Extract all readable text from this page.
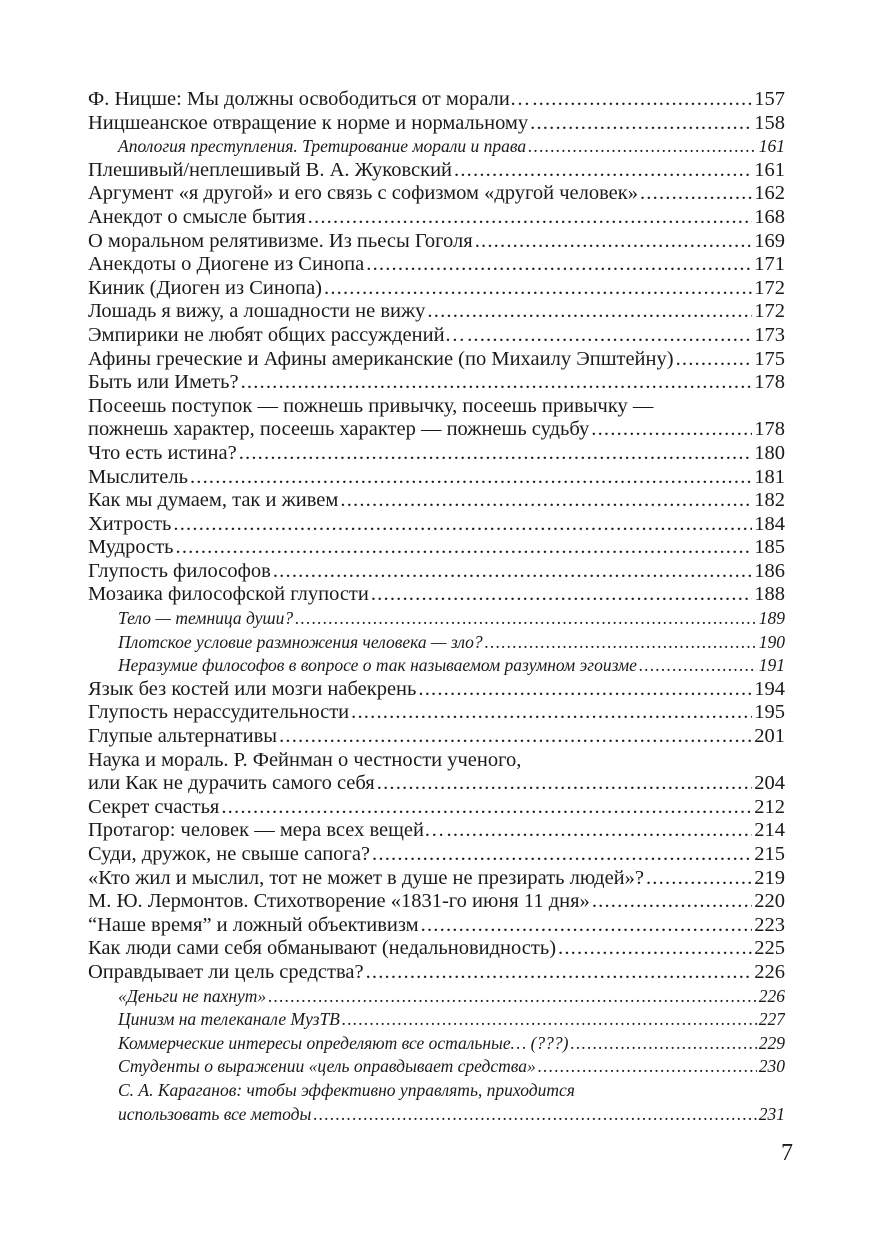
Ф. Ницше: Мы должны освободиться от морали… .....	157
Ницшеанское отвращение к норме и нормальному .....	158
Апология преступления. Третирование морали и права .....	161
Плешивый/неплешивый В. А. Жуковский .....	161
Аргумент «я другой» и его связь с софизмом «другой человек» .....	162
Анекдот о смысле бытия .....	168
О моральном релятивизме. Из пьесы Гоголя .....	169
Анекдоты о Диогене из Синопа .....	171
Киник (Диоген из Синопа) .....	172
Лошадь я вижу, а лошадности не вижу .....	172
Эмпирики не любят общих рассуждений… .....	173
Афины греческие и Афины американские (по Михаилу Эпштейну) .....	175
Быть или Иметь? .....	178
Посеешь поступок — пожнешь привычку, посеешь привычку —
пожнешь характер, посеешь характер — пожнешь судьбу .....	178
Что есть истина? .....	180
Мыслитель .....	181
Как мы думаем, так и живем .....	182
Хитрость .....	184
Мудрость .....	185
Глупость философов .....	186
Мозаика философской глупости .....	188
Тело — темница души? .....	189
Плотское условие размножения человека — зло? .....	190
Неразумие философов в вопросе о так называемом разумном эгоизме .....	191
Язык без костей или мозги набекрень .....	194
Глупость нерассудительности .....	195
Глупые альтернативы .....	201
Наука и мораль. Р. Фейнман о честности ученого,
или Как не дурачить самого себя .....	204
Секрет счастья .....	212
Протагор: человек — мера всех вещей… .....	214
Суди, дружок, не свыше сапога? .....	215
«Кто жил и мыслил, тот не может в душе не презирать людей»? .....	219
М. Ю. Лермонтов. Стихотворение «1831-го июня 11 дня» .....	220
“Наше время” и ложный объективизм .....	223
Как люди сами себя обманывают (недальновидность) .....	225
Оправдывает ли цель средства? .....	226
«Деньги не пахнут» .....	226
Цинизм на телеканале МузТВ .....	227
Коммерческие интересы определяют все остальные… (???) .....	229
Студенты о выражении «цель оправдывает средства» .....	230
С. А. Караганов: чтобы эффективно управлять, приходится
использовать все методы .....	231
7
